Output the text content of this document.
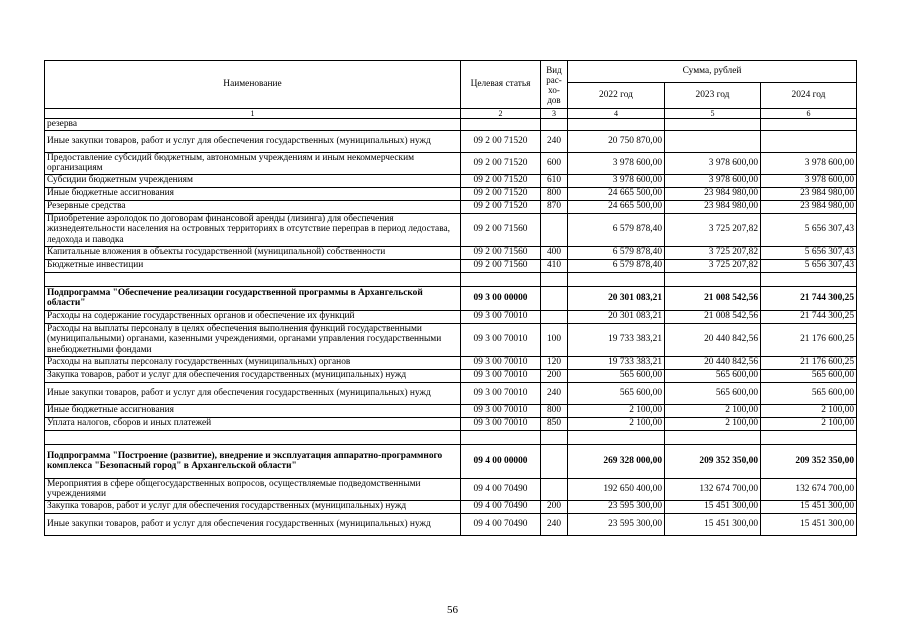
Наименование	Целевая статья	Вид рас-хо-дов	Сумма, рублей		
			2022 год	2023 год	2024 год
1	2	3	4	5	6
резерва					
Иные закупки товаров, работ и услуг для обеспечения государственных (муниципальных) нужд	09 2 00 71520	240	20 750 870,00		
Предоставление субсидий бюджетным, автономным учреждениям и иным некоммерческим организациям	09 2 00 71520	600	3 978 600,00	3 978 600,00	3 978 600,00
Субсидии бюджетным учреждениям	09 2 00 71520	610	3 978 600,00	3 978 600,00	3 978 600,00
Иные бюджетные ассигнования	09 2 00 71520	800	24 665 500,00	23 984 980,00	23 984 980,00
Резервные средства	09 2 00 71520	870	24 665 500,00	23 984 980,00	23 984 980,00
Приобретение аэролодок по договорам финансовой аренды (лизинга) для обеспечения жизнедеятельности населения на островных территориях в отсутствие переправ в период ледостава, ледохода и паводка	09 2 00 71560		6 579 878,40	3 725 207,82	5 656 307,43
Капитальные вложения в объекты государственной (муниципальной) собственности	09 2 00 71560	400	6 579 878,40	3 725 207,82	5 656 307,43
Бюджетные инвестиции	09 2 00 71560	410	6 579 878,40	3 725 207,82	5 656 307,43

Подпрограмма "Обеспечение реализации государственной программы в Архангельской области"	09 3 00 00000		20 301 083,21	21 008 542,56	21 744 300,25
Расходы на содержание государственных органов и обеспечение их функций	09 3 00 70010		20 301 083,21	21 008 542,56	21 744 300,25
Расходы на выплаты персоналу в целях обеспечения выполнения функций государственными (муниципальными) органами, казенными учреждениями, органами управления государственными внебюджетными фондами	09 3 00 70010	100	19 733 383,21	20 440 842,56	21 176 600,25
Расходы на выплаты персоналу государственных (муниципальных) органов	09 3 00 70010	120	19 733 383,21	20 440 842,56	21 176 600,25
Закупка товаров, работ и услуг для обеспечения государственных (муниципальных) нужд	09 3 00 70010	200	565 600,00	565 600,00	565 600,00
Иные закупки товаров, работ и услуг для обеспечения государственных (муниципальных) нужд	09 3 00 70010	240	565 600,00	565 600,00	565 600,00
Иные бюджетные ассигнования	09 3 00 70010	800	2 100,00	2 100,00	2 100,00
Уплата налогов, сборов и иных платежей	09 3 00 70010	850	2 100,00	2 100,00	2 100,00

Подпрограмма "Построение (развитие), внедрение и эксплуатация аппаратно-программного комплекса "Безопасный город" в Архангельской области"	09 4 00 00000		269 328 000,00	209 352 350,00	209 352 350,00
Мероприятия в сфере общегосударственных вопросов, осуществляемые подведомственными учреждениями	09 4 00 70490		192 650 400,00	132 674 700,00	132 674 700,00
Закупка товаров, работ и услуг для обеспечения государственных (муниципальных) нужд	09 4 00 70490	200	23 595 300,00	15 451 300,00	15 451 300,00
Иные закупки товаров, работ и услуг для обеспечения государственных (муниципальных) нужд	09 4 00 70490	240	23 595 300,00	15 451 300,00	15 451 300,00
56
